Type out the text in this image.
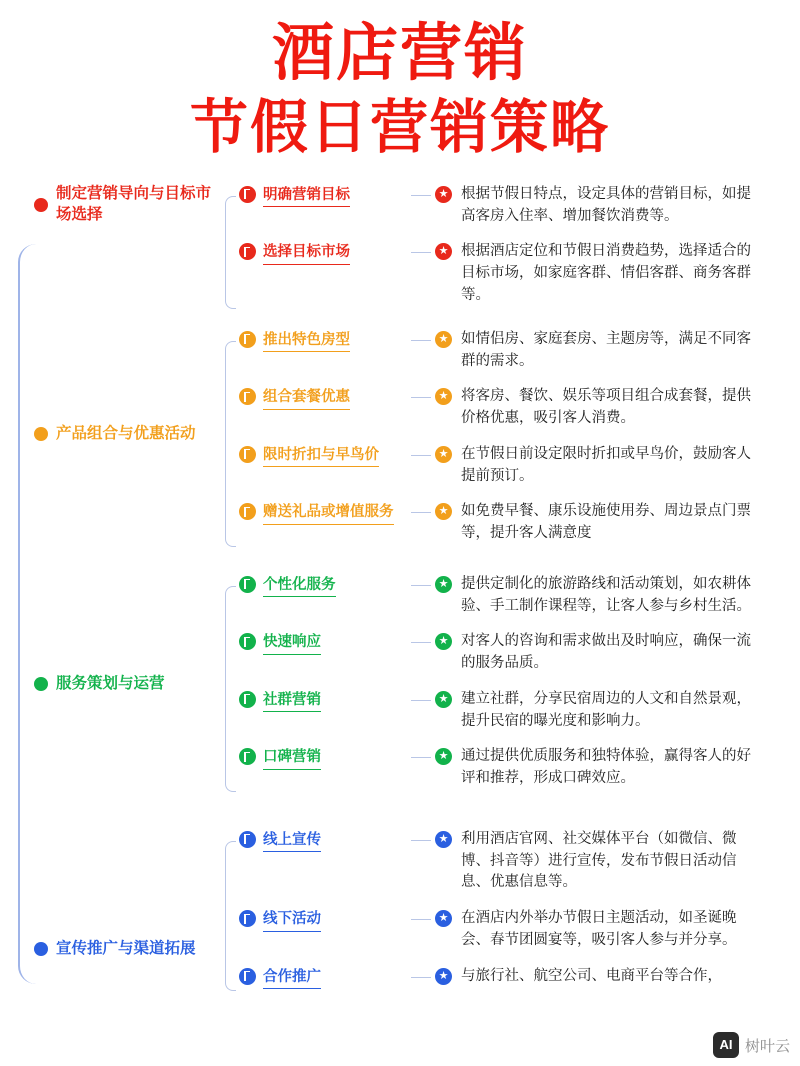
酒店营销
节假日营销策略
制定营销导向与目标市场选择
明确营销目标	★ 根据节假日特点，设定具体的营销目标，如提高客房入住率、增加餐饮消费等。
选择目标市场	★ 根据酒店定位和节假日消费趋势，选择适合的目标市场，如家庭客群、情侣客群、商务客群等。
产品组合与优惠活动
推出特色房型	★ 如情侣房、家庭套房、主题房等，满足不同客群的需求。
组合套餐优惠	★ 将客房、餐饮、娱乐等项目组合成套餐，提供价格优惠，吸引客人消费。
限时折扣与早鸟价	★ 在节假日前设定限时折扣或早鸟价，鼓励客人提前预订。
赠送礼品或增值服务	★ 如免费早餐、康乐设施使用券、周边景点门票等，提升客人满意度
服务策划与运营
个性化服务	★ 提供定制化的旅游路线和活动策划，如农耕体验、手工制作课程等，让客人参与乡村生活。
快速响应	★ 对客人的咨询和需求做出及时响应，确保一流的服务品质。
社群营销	★ 建立社群，分享民宿周边的人文和自然景观，提升民宿的曝光度和影响力。
口碑营销	★ 通过提供优质服务和独特体验，赢得客人的好评和推荐，形成口碑效应。
宣传推广与渠道拓展
线上宣传	★ 利用酒店官网、社交媒体平台（如微信、微博、抖音等）进行宣传，发布节假日活动信息、优惠信息等。
线下活动	★ 在酒店内外举办节假日主题活动，如圣诞晚会、春节团圆宴等，吸引客人参与并分享。
合作推广	★ 与旅行社、航空公司、电商平台等合作，
AI 树叶云
